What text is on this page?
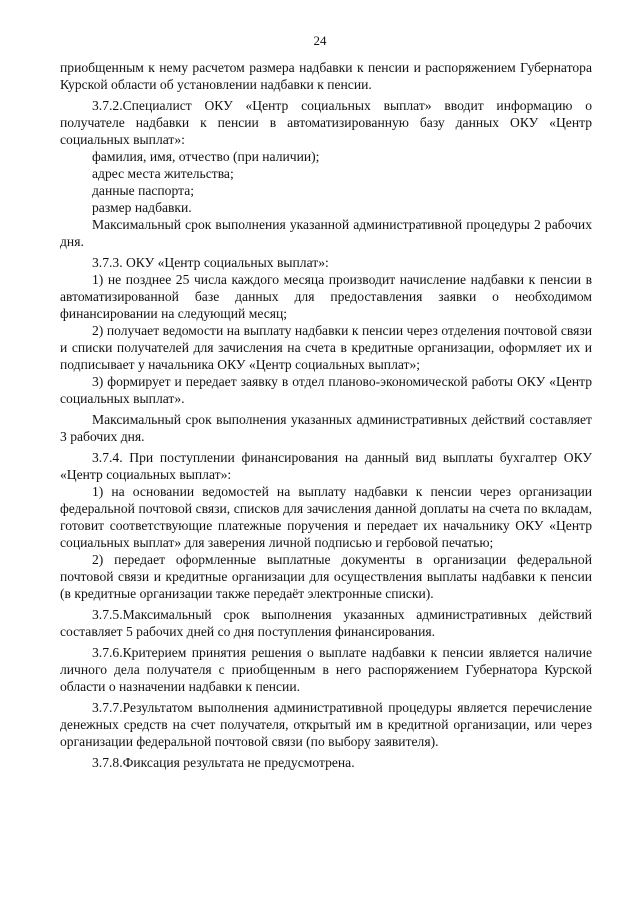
24

приобщенным к нему расчетом размера надбавки к пенсии и распоряжением Губернатора Курской области об установлении надбавки к пенсии.

3.7.2.Специалист ОКУ «Центр социальных выплат» вводит информацию о получателе надбавки к пенсии в автоматизированную базу данных ОКУ «Центр социальных выплат»:

фамилия, имя, отчество (при наличии);

адрес места жительства;

данные паспорта;

размер надбавки.

Максимальный срок выполнения указанной административной процедуры 2 рабочих дня.

3.7.3. ОКУ «Центр социальных выплат»:

1) не позднее 25 числа каждого месяца производит начисление надбавки к пенсии в автоматизированной базе данных для предоставления заявки о необходимом финансировании на следующий месяц;

2) получает ведомости на выплату надбавки к пенсии через отделения почтовой связи и списки получателей для зачисления на счета в кредитные организации, оформляет их и подписывает у начальника ОКУ «Центр социальных выплат»;

3) формирует и передает заявку в отдел планово-экономической работы ОКУ «Центр социальных выплат».

Максимальный срок выполнения указанных административных действий составляет 3 рабочих дня.

3.7.4. При поступлении финансирования на данный вид выплаты бухгалтер ОКУ «Центр социальных выплат»:

1) на основании ведомостей на выплату надбавки к пенсии через организации федеральной почтовой связи, списков для зачисления данной доплаты на счета по вкладам, готовит соответствующие платежные поручения и передает их начальнику ОКУ «Центр социальных выплат» для заверения личной подписью и гербовой печатью;

2) передает оформленные выплатные документы в организации федеральной почтовой связи и кредитные организации для осуществления выплаты надбавки к пенсии (в кредитные организации также передаёт электронные списки).

3.7.5.Максимальный срок выполнения указанных административных действий составляет 5 рабочих дней со дня поступления финансирования.

3.7.6.Критерием принятия решения о выплате надбавки к пенсии является наличие личного дела получателя с приобщенным в него распоряжением Губернатора Курской области о назначении надбавки к пенсии.

3.7.7.Результатом выполнения административной процедуры является перечисление денежных средств на счет получателя, открытый им в кредитной организации, или через организации федеральной почтовой связи (по выбору заявителя).

3.7.8.Фиксация результата не предусмотрена.
